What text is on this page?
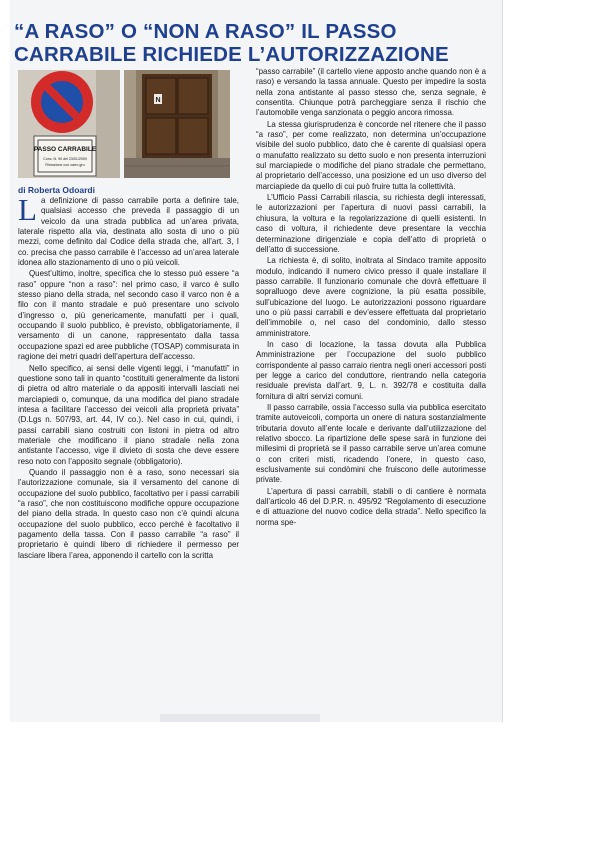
“A RASO” O “NON A RASO” IL PASSO CARRABILE RICHIEDE L’AUTORIZZAZIONE
PASSO CARRABILE
Conc. N. 90 del 23/01/2009
Rimozione con carro gru
N
di Roberta Odoardi

La definizione di passo carrabile porta a definire tale, qualsiasi accesso che preveda il passaggio di un veicolo da una strada pubblica ad un’area privata, laterale rispetto alla via, destinata allo sosta di uno o più mezzi, come definito dal Codice della strada che, all’art. 3, I co. precisa che passo carrabile è l’accesso ad un’area laterale idonea allo stazionamento di uno o più veicoli.

Quest’ultimo, inoltre, specifica che lo stesso può essere “a raso” oppure “non a raso”: nel primo caso, il varco è sullo stesso piano della strada, nel secondo caso il varco non è a filo con il manto stradale e può presentare uno scivolo d’ingresso o, più genericamente, manufatti per i quali, occupando il suolo pubblico, è previsto, obbligatoriamente, il versamento di un canone, rappresentato dalla tassa occupazione spazi ed aree pubbliche (TOSAP) commisurata in ragione dei metri quadri dell’apertura dell’accesso.

Nello specifico, ai sensi delle vigenti leggi, i “manufatti” in questione sono tali in quanto “costituiti generalmente da listoni di pietra od altro materiale o da appositi intervalli lasciati nei marciapiedi o, comunque, da una modifica del piano stradale intesa a facilitare l’accesso dei veicoli alla proprietà privata” (D.Lgs n. 507/93, art. 44, IV co.). Nel caso in cui, quindi, i passi carrabili siano costruiti con listoni in pietra od altro materiale che modificano il piano stradale nella zona antistante l’accesso, vige il divieto di sosta che deve essere reso noto con l’apposito segnale (obbligatorio).

Quando il passaggio non è a raso, sono necessari sia l’autorizzazione comunale, sia il versamento del canone di occupazione del suolo pubblico, facoltativo per i passi carrabili “a raso”, che non costituiscono modifiche oppure occupazione del piano della strada. In questo caso non c’è quindi alcuna occupazione del suolo pubblico, ecco perché è facoltativo il pagamento della tassa. Con il passo carrabile “a raso” il proprietario è quindi libero di richiedere il permesso per lasciare libera l’area, apponendo il cartello con la scritta

“passo carrabile” (il cartello viene apposto anche quando non è a raso) e versando la tassa annuale. Questo per impedire la sosta nella zona antistante al passo stesso che, senza segnale, è consentita. Chiunque potrà parcheggiare senza il rischio che l’automobile venga sanzionata o peggio ancora rimossa.

La stessa giurisprudenza è concorde nel ritenere che il passo “a raso”, per come realizzato, non determina un’occupazione visibile del suolo pubblico, dato che è carente di qualsiasi opera o manufatto realizzato su detto suolo e non presenta interruzioni sul marciapiede o modifiche del piano stradale che permettano, al proprietario dell’accesso, una posizione ed un uso diverso del marciapiede da quello di cui può fruire tutta la collettività.

L’Ufficio Passi Carrabili rilascia, su richiesta degli interessati, le autorizzazioni per l’apertura di nuovi passi carrabili, la chiusura, la voltura e la regolarizzazione di quelli esistenti. In caso di voltura, il richiedente deve presentare la vecchia determinazione dirigenziale e copia dell’atto di proprietà o dell’atto di successione.

La richiesta è, di solito, inoltrata al Sindaco tramite apposito modulo, indicando il numero civico presso il quale installare il passo carrabile. Il funzionario comunale che dovrà effettuare il sopralluogo deve avere cognizione, la più esatta possibile, sull’ubicazione del luogo. Le autorizzazioni possono riguardare uno o più passi carrabili e dev’essere effettuata dal proprietario dell’immobile o, nel caso del condominio, dallo stesso amministratore.

In caso di locazione, la tassa dovuta alla Pubblica Amministrazione per l’occupazione del suolo pubblico corrispondente al passo carraio rientra negli oneri accessori posti per legge a carico del conduttore, rientrando nella categoria residuale prevista dall’art. 9, L. n. 392/78 e costituita dalla fornitura di altri servizi comuni.

Il passo carrabile, ossia l’accesso sulla via pubblica esercitato tramite autoveicoli, comporta un onere di natura sostanzialmente tributaria dovuto all’ente locale e derivante dall’utilizzazione del relativo sbocco. La ripartizione delle spese sarà in funzione dei millesimi di proprietà se il passo carrabile serve un’area comune o con criteri misti, ricadendo l’onere, in questo caso, esclusivamente sui condòmini che fruiscono delle autorimesse private.

L’apertura di passi carrabili, stabili o di cantiere è normata dall’articolo 46 del D.P.R. n. 495/92 “Regolamento di esecuzione e di attuazione del nuovo codice della strada”. Nello specifico la norma spe-
